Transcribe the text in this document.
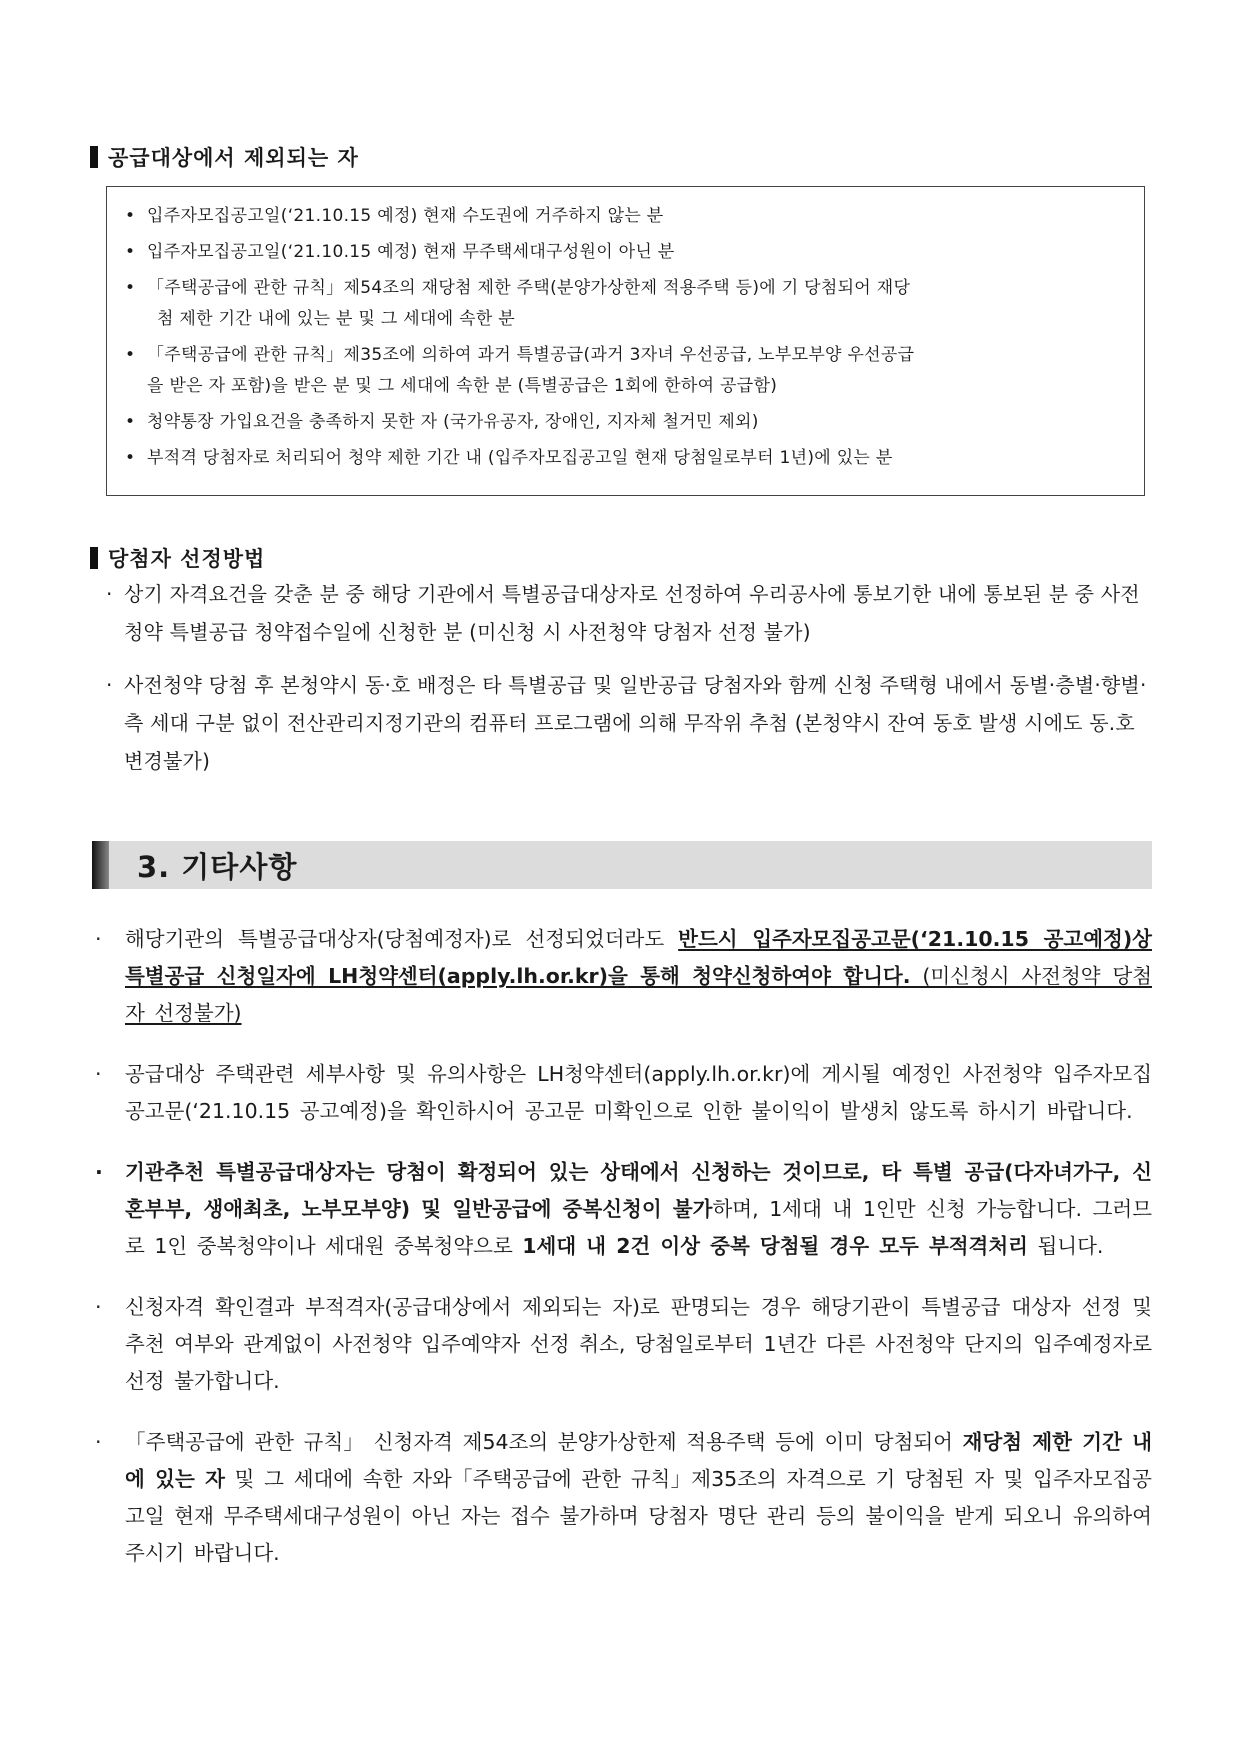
공급대상에서 제외되는 자
• 입주자모집공고일(‘21.10.15 예정) 현재 수도권에 거주하지 않는 분
• 입주자모집공고일(‘21.10.15 예정) 현재 무주택세대구성원이 아닌 분
• 「주택공급에 관한 규칙」제54조의 재당첨 제한 주택(분양가상한제 적용주택 등)에 기 당첨되어 재당
첨 제한 기간 내에 있는 분 및 그 세대에 속한 분
• 「주택공급에 관한 규칙」제35조에 의하여 과거 특별공급(과거 3자녀 우선공급, 노부모부양 우선공급
을 받은 자 포함)을 받은 분 및 그 세대에 속한 분 (특별공급은 1회에 한하여 공급함)
• 청약통장 가입요건을 충족하지 못한 자 (국가유공자, 장애인, 지자체 철거민 제외)
• 부적격 당첨자로 처리되어 청약 제한 기간 내 (입주자모집공고일 현재 당첨일로부터 1년)에 있는 분
당첨자 선정방법
· 상기 자격요건을 갖춘 분 중 해당 기관에서 특별공급대상자로 선정하여 우리공사에 통보기한 내에 통보된 분 중 사전청약 특별공급 청약접수일에 신청한 분 (미신청 시 사전청약 당첨자 선정 불가)
· 사전청약 당첨 후 본청약시 동·호 배정은 타 특별공급 및 일반공급 당첨자와 함께 신청 주택형 내에서 동별·층별·향별·측 세대 구분 없이 전산관리지정기관의 컴퓨터 프로그램에 의해 무작위 추첨 (본청약시 잔여 동호 발생 시에도 동.호 변경불가)
3. 기타사항
· 해당기관의 특별공급대상자(당첨예정자)로 선정되었더라도 반드시 입주자모집공고문(‘21.10.15 공고예정)상 특별공급 신청일자에 LH청약센터(apply.lh.or.kr)을 통해 청약신청하여야 합니다. (미신청시 사전청약 당첨자 선정불가)
· 공급대상 주택관련 세부사항 및 유의사항은 LH청약센터(apply.lh.or.kr)에 게시될 예정인 사전청약 입주자모집공고문(‘21.10.15 공고예정)을 확인하시어 공고문 미확인으로 인한 불이익이 발생치 않도록 하시기 바랍니다.
· 기관추천 특별공급대상자는 당첨이 확정되어 있는 상태에서 신청하는 것이므로, 타 특별 공급(다자녀가구, 신혼부부, 생애최초, 노부모부양) 및 일반공급에 중복신청이 불가하며, 1세대 내 1인만 신청 가능합니다. 그러므로 1인 중복청약이나 세대원 중복청약으로 1세대 내 2건 이상 중복 당첨될 경우 모두 부적격처리 됩니다.
· 신청자격 확인결과 부적격자(공급대상에서 제외되는 자)로 판명되는 경우 해당기관이 특별공급 대상자 선정 및 추천 여부와 관계없이 사전청약 입주예약자 선정 취소, 당첨일로부터 1년간 다른 사전청약 단지의 입주예정자로 선정 불가합니다.
· 「주택공급에 관한 규칙」 신청자격 제54조의 분양가상한제 적용주택 등에 이미 당첨되어 재당첨 제한 기간 내에 있는 자 및 그 세대에 속한 자와「주택공급에 관한 규칙」제35조의 자격으로 기 당첨된 자 및 입주자모집공고일 현재 무주택세대구성원이 아닌 자는 접수 불가하며 당첨자 명단 관리 등의 불이익을 받게 되오니 유의하여 주시기 바랍니다.
